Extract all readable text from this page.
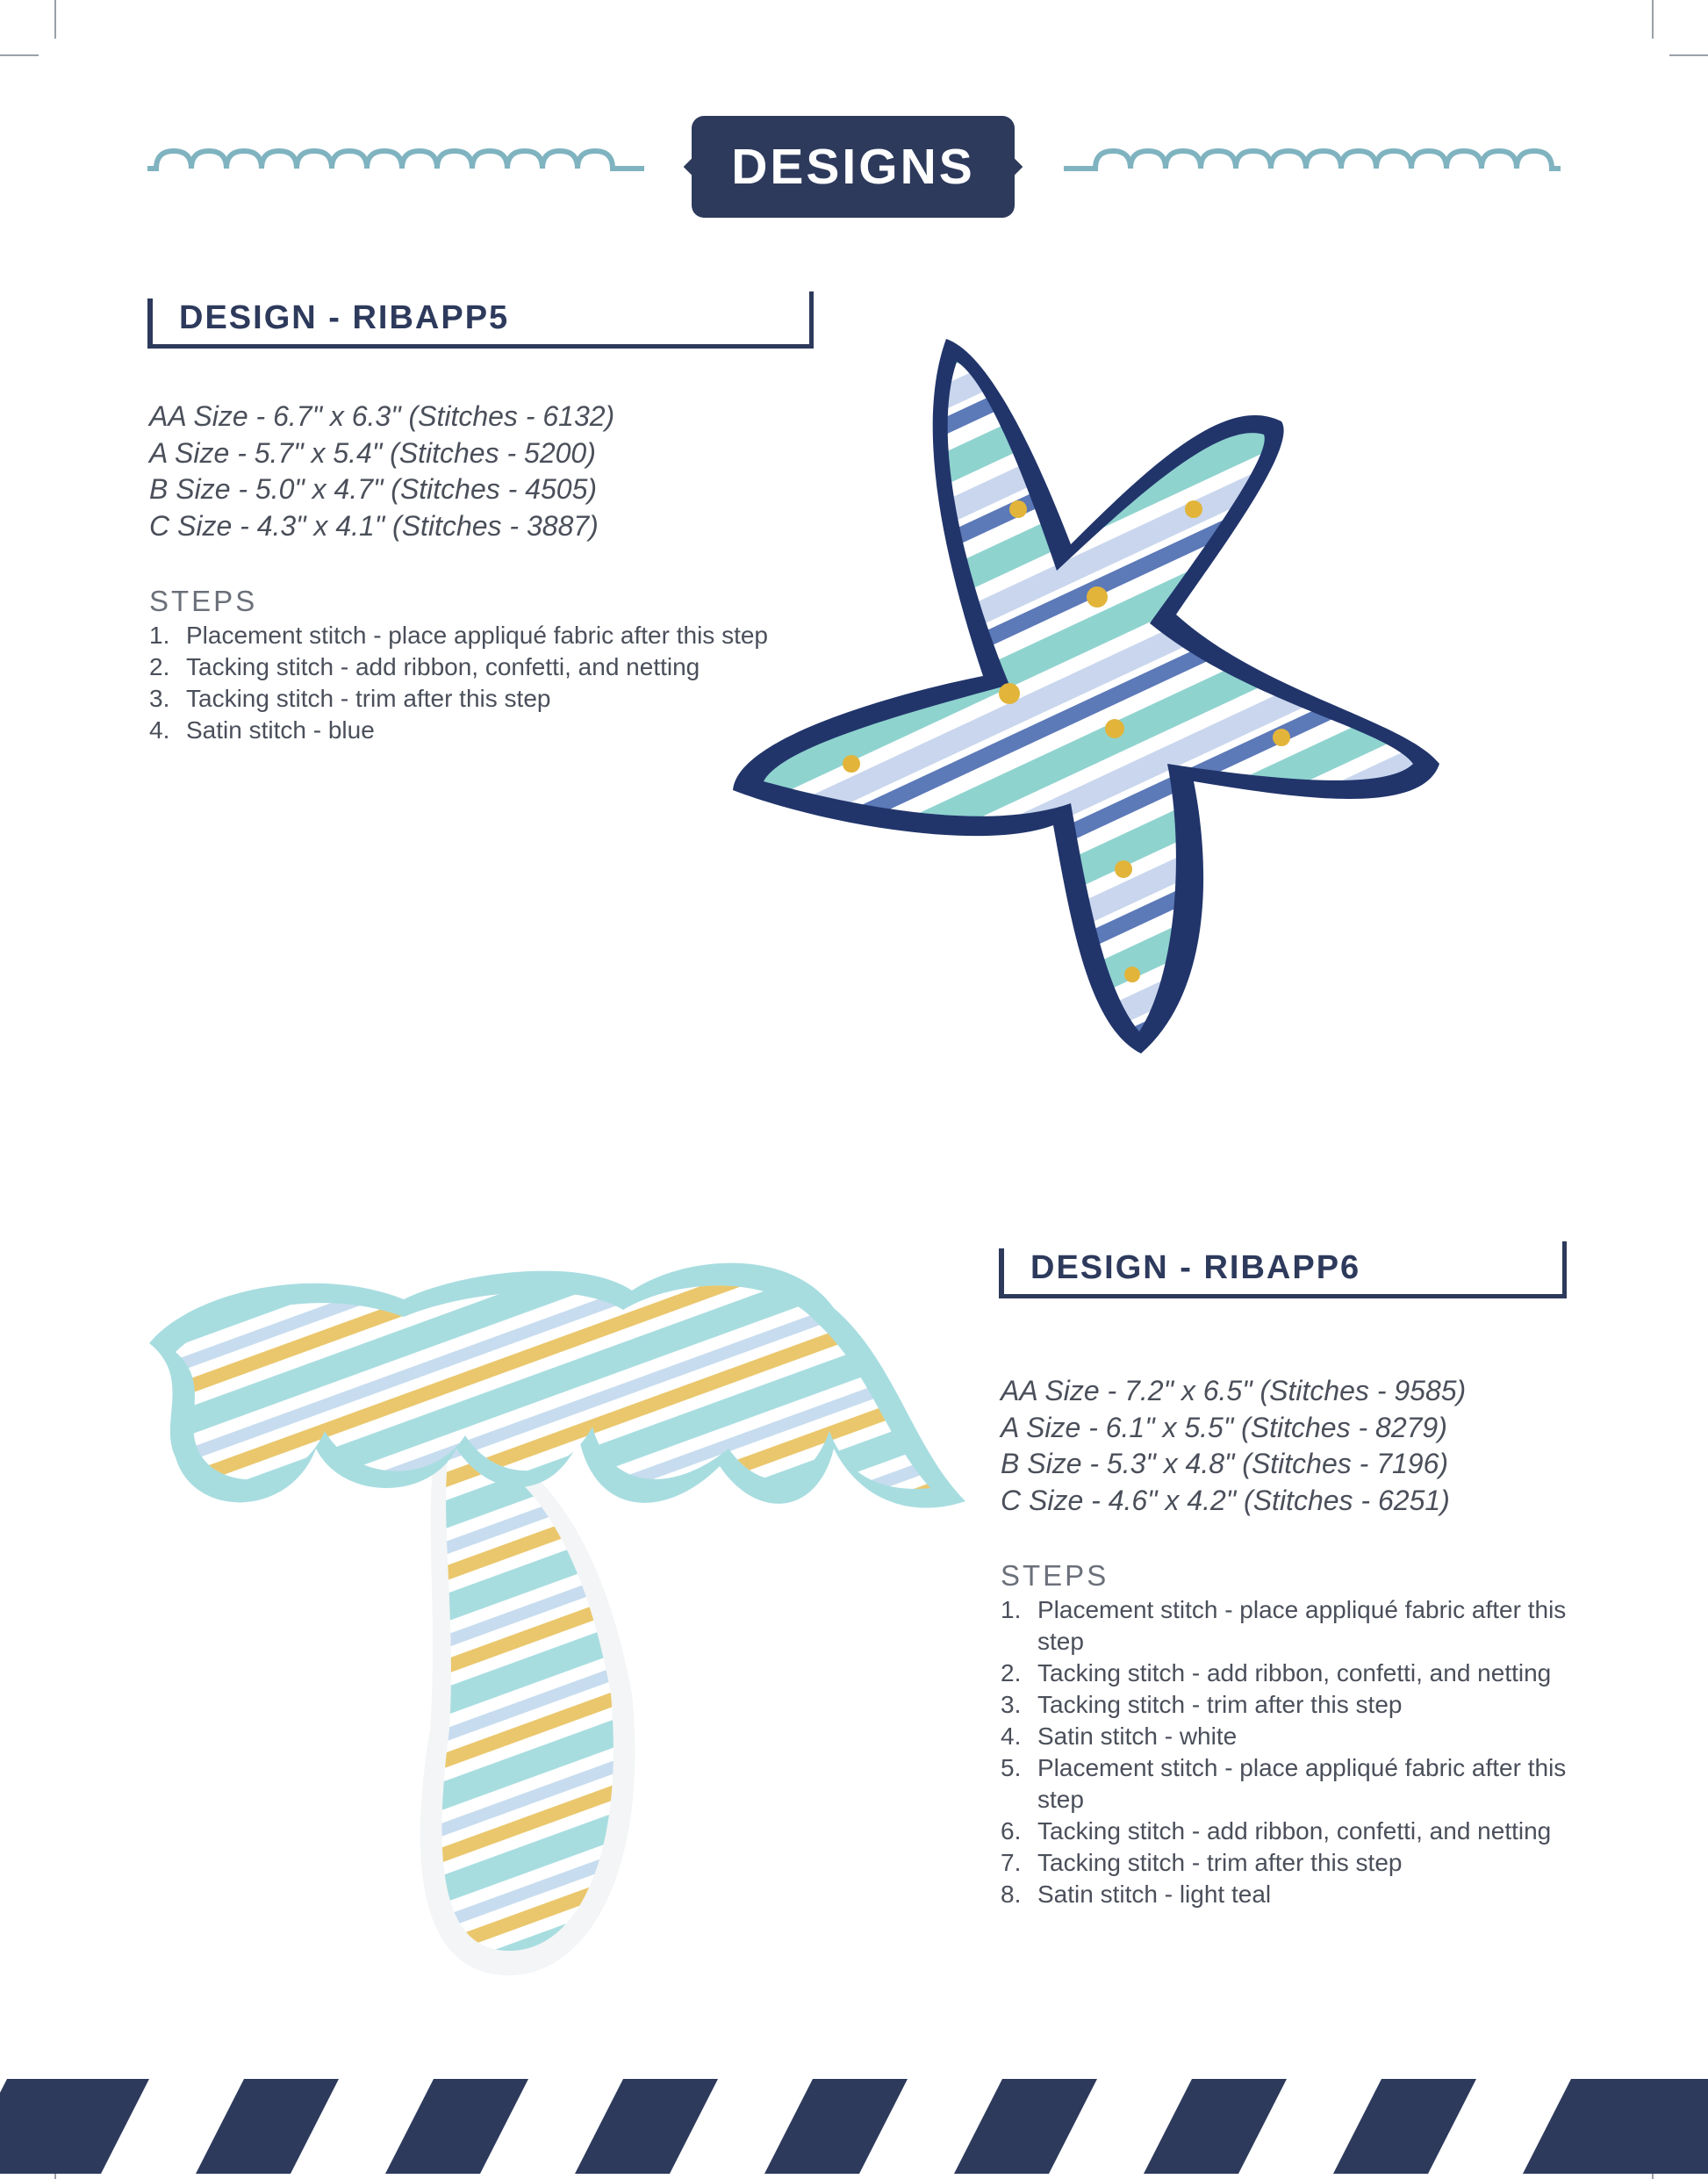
DESIGNS
DESIGN - RIBAPP5
AA Size - 6.7" x 6.3" (Stitches - 6132)
A Size - 5.7" x 5.4" (Stitches - 5200)
B Size - 5.0" x 4.7" (Stitches - 4505)
C Size - 4.3" x 4.1" (Stitches - 3887)
STEPS
1. Placement stitch - place appliqué fabric after this step
2. Tacking stitch - add ribbon, confetti, and netting
3. Tacking stitch - trim after this step
4. Satin stitch - blue
DESIGN - RIBAPP6
AA Size - 7.2" x 6.5" (Stitches - 9585)
A Size - 6.1" x 5.5" (Stitches - 8279)
B Size - 5.3" x 4.8" (Stitches - 7196)
C Size - 4.6" x 4.2" (Stitches - 6251)
STEPS
1. Placement stitch - place appliqué fabric after this step
2. Tacking stitch - add ribbon, confetti, and netting
3. Tacking stitch - trim after this step
4. Satin stitch - white
5. Placement stitch - place appliqué fabric after this step
6. Tacking stitch - add ribbon, confetti, and netting
7. Tacking stitch - trim after this step
8. Satin stitch - light teal
